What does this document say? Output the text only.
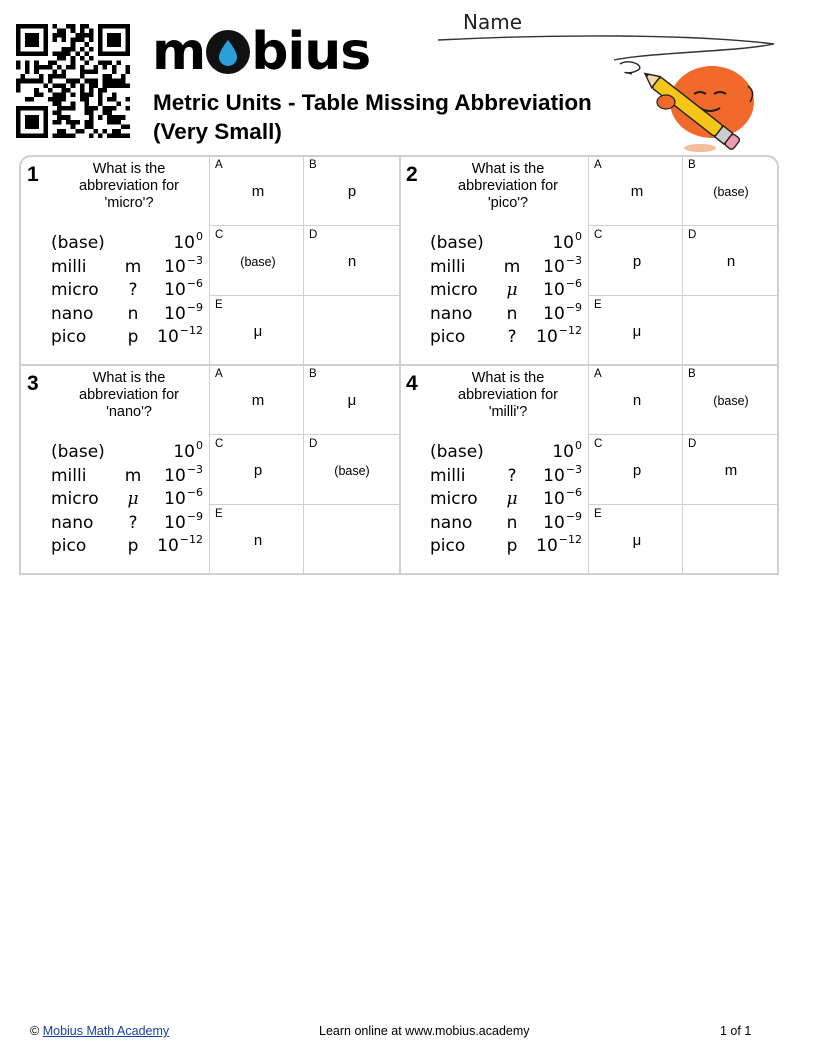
m bius
Metric Units - Table Missing Abbreviation (Very Small)
Name
1	What is the abbreviation for 'micro'?
(base)	$10^0$
milli m $10^{-3}$
micro	?	$10^{-6}$
nano n $10^{-9}$
pico p $10^{-12}$
A
m
B
p
C
(base)
D
n
E
μ
2	What is the abbreviation for 'pico'?
(base)	$10^0$
milli m $10^{-3}$
micro μ $10^{-6}$
nano n $10^{-9}$
pico	?	$10^{-12}$
A
m
B
(base)
C
p
D
n
E
μ
3	What is the abbreviation for 'nano'?
(base)	$10^0$
milli m $10^{-3}$
micro μ $10^{-6}$
nano	?	$10^{-9}$
pico p $10^{-12}$
A
m
B
μ
C
p
D
(base)
E
n
4	What is the abbreviation for 'milli'?
(base)	$10^0$
milli	?	$10^{-3}$
micro μ $10^{-6}$
nano n $10^{-9}$
pico p $10^{-12}$
A
n
B
(base)
C
p
D
m
E
μ
© Mobius Math Academy	Learn online at www.mobius.academy	1 of 1
